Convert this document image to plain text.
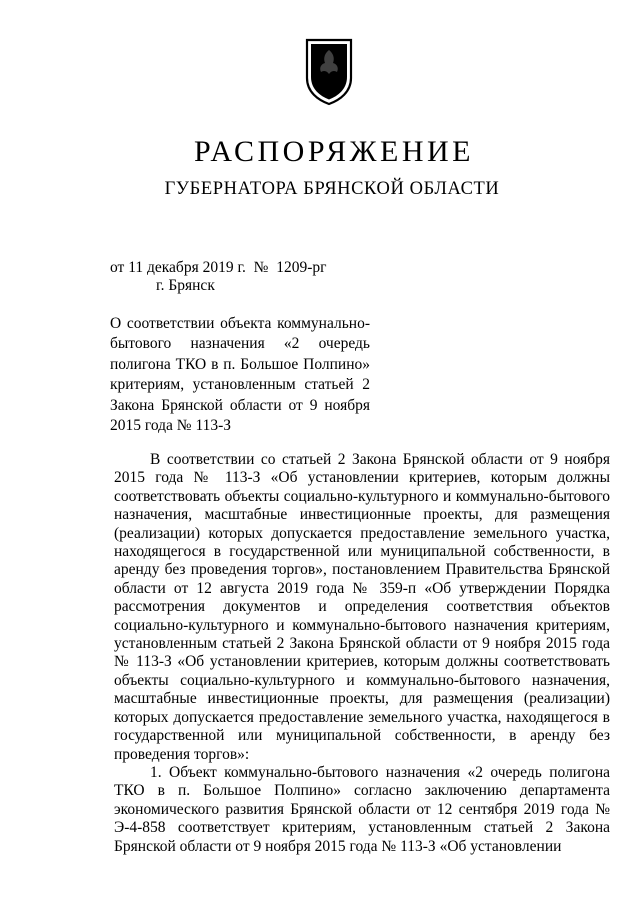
РАСПОРЯЖЕНИЕ
ГУБЕРНАТОРА БРЯНСКОЙ ОБЛАСТИ
от 11 декабря 2019 г.  №  1209-рг
г. Брянск
О соответствии объекта коммунально-бытового назначения «2 очередь полигона ТКО в п. Большое Полпино» критериям, установленным статьей 2 Закона Брянской области от 9 ноября 2015 года № 113-З
В соответствии со статьей 2 Закона Брянской области от 9 ноября 2015 года № 113-З «Об установлении критериев, которым должны соответствовать объекты социально-культурного и коммунально-бытового назначения, масштабные инвестиционные проекты, для размещения (реализации) которых допускается предоставление земельного участка, находящегося в государственной или муниципальной собственности, в аренду без проведения торгов», постановлением Правительства Брянской области от 12 августа 2019 года № 359-п «Об утверждении Порядка рассмотрения документов и определения соответствия объектов социально-культурного и коммунально-бытового назначения критериям, установленным статьей 2 Закона Брянской области от 9 ноября 2015 года № 113-З «Об установлении критериев, которым должны соответствовать объекты социально-культурного и коммунально-бытового назначения, масштабные инвестиционные проекты, для размещения (реализации) которых допускается предоставление земельного участка, находящегося в государственной или муниципальной собственности, в аренду без проведения торгов»:
1. Объект коммунально-бытового назначения «2 очередь полигона ТКО в п. Большое Полпино» согласно заключению департамента экономического развития Брянской области от 12 сентября 2019 года № Э-4-858 соответствует критериям, установленным статьей 2 Закона Брянской области от 9 ноября 2015 года № 113-З «Об установлении
